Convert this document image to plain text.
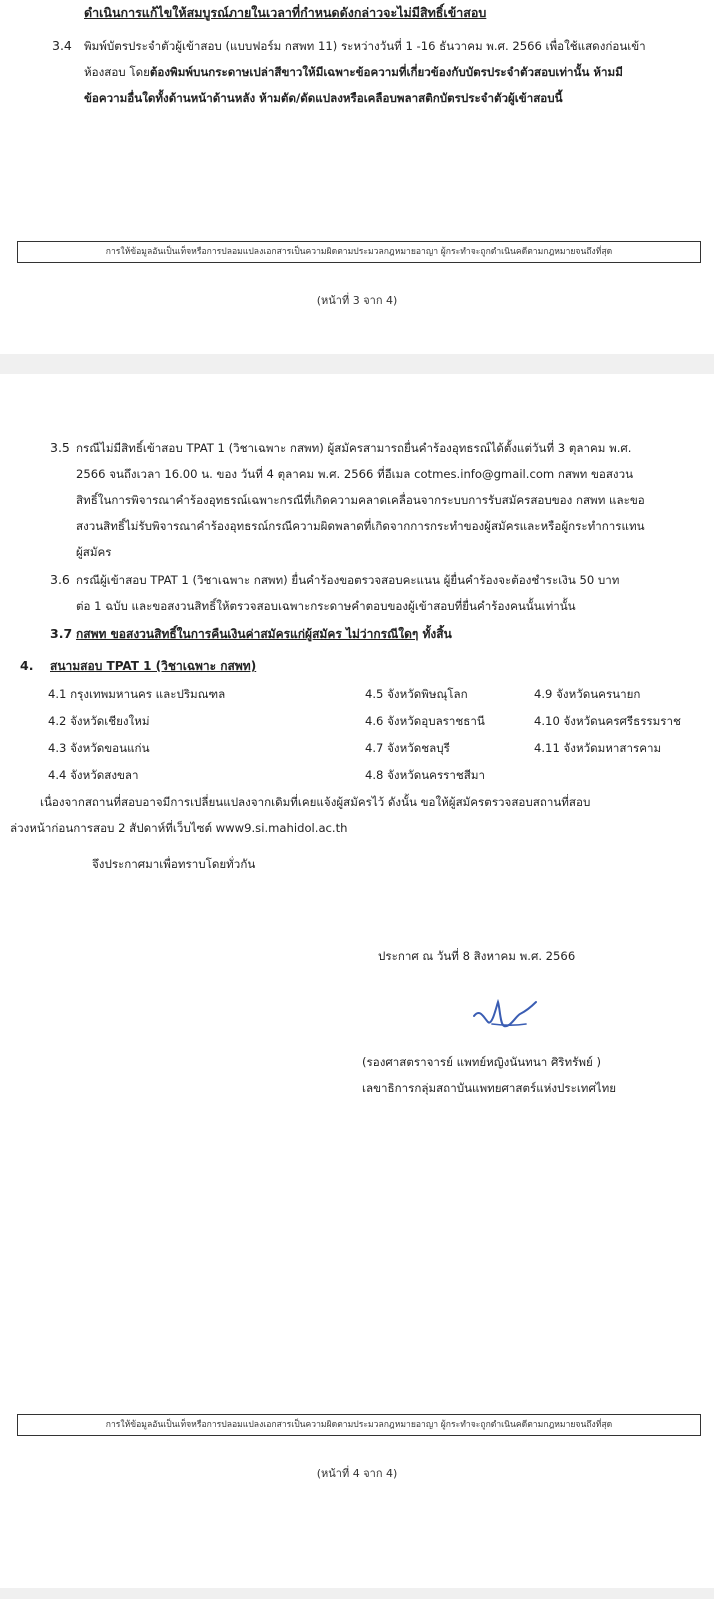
ดำเนินการแก้ไขให้สมบูรณ์ภายในเวลาที่กำหนดดังกล่าวจะไม่มีสิทธิ์เข้าสอบ
3.4 พิมพ์บัตรประจำตัวผู้เข้าสอบ (แบบฟอร์ม กสพท 11) ระหว่างวันที่ 1 -16 ธันวาคม พ.ศ. 2566 เพื่อใช้แสดงก่อนเข้า
ห้องสอบ โดยต้องพิมพ์บนกระดาษเปล่าสีขาวให้มีเฉพาะข้อความที่เกี่ยวข้องกับบัตรประจำตัวสอบเท่านั้น ห้ามมี
ข้อความอื่นใดทั้งด้านหน้าด้านหลัง ห้ามตัด/ดัดแปลงหรือเคลือบพลาสติกบัตรประจำตัวผู้เข้าสอบนี้
การให้ข้อมูลอันเป็นเท็จหรือการปลอมแปลงเอกสารเป็นความผิดตามประมวลกฎหมายอาญา ผู้กระทำจะถูกดำเนินคดีตามกฎหมายจนถึงที่สุด
(หน้าที่ 3 จาก 4)
3.5 กรณีไม่มีสิทธิ์เข้าสอบ TPAT 1 (วิชาเฉพาะ กสพท) ผู้สมัครสามารถยื่นคำร้องอุทธรณ์ได้ตั้งแต่วันที่ 3 ตุลาคม พ.ศ.
2566 จนถึงเวลา 16.00 น. ของ วันที่ 4 ตุลาคม พ.ศ. 2566 ที่อีเมล cotmes.info@gmail.com กสพท ขอสงวน
สิทธิ์ในการพิจารณาคำร้องอุทธรณ์เฉพาะกรณีที่เกิดความคลาดเคลื่อนจากระบบการรับสมัครสอบของ กสพท และขอ
สงวนสิทธิ์ไม่รับพิจารณาคำร้องอุทธรณ์กรณีความผิดพลาดที่เกิดจากการกระทำของผู้สมัครและหรือผู้กระทำการแทน
ผู้สมัคร
3.6 กรณีผู้เข้าสอบ TPAT 1 (วิชาเฉพาะ กสพท) ยื่นคำร้องขอตรวจสอบคะแนน ผู้ยื่นคำร้องจะต้องชำระเงิน 50 บาท
ต่อ 1 ฉบับ และขอสงวนสิทธิ์ให้ตรวจสอบเฉพาะกระดาษคำตอบของผู้เข้าสอบที่ยื่นคำร้องคนนั้นเท่านั้น
3.7 กสพท ขอสงวนสิทธิ์ในการคืนเงินค่าสมัครแก่ผู้สมัคร ไม่ว่ากรณีใดๆ ทั้งสิ้น
4. สนามสอบ TPAT 1 (วิชาเฉพาะ กสพท)
4.1 กรุงเทพมหานคร และปริมณฑล
4.2 จังหวัดเชียงใหม่
4.3 จังหวัดขอนแก่น
4.4 จังหวัดสงขลา
4.5 จังหวัดพิษณุโลก
4.6 จังหวัดอุบลราชธานี
4.7 จังหวัดชลบุรี
4.8 จังหวัดนครราชสีมา
4.9 จังหวัดนครนายก
4.10 จังหวัดนครศรีธรรมราช
4.11 จังหวัดมหาสารคาม
เนื่องจากสถานที่สอบอาจมีการเปลี่ยนแปลงจากเดิมที่เคยแจ้งผู้สมัครไว้ ดังนั้น ขอให้ผู้สมัครตรวจสอบสถานที่สอบ
ล่วงหน้าก่อนการสอบ 2 สัปดาห์ที่เว็บไซต์ www9.si.mahidol.ac.th
จึงประกาศมาเพื่อทราบโดยทั่วกัน
ประกาศ ณ วันที่ 8 สิงหาคม พ.ศ. 2566
(รองศาสตราจารย์ แพทย์หญิงนันทนา ศิริทรัพย์ )
เลขาธิการกลุ่มสถาบันแพทยศาสตร์แห่งประเทศไทย
การให้ข้อมูลอันเป็นเท็จหรือการปลอมแปลงเอกสารเป็นความผิดตามประมวลกฎหมายอาญา ผู้กระทำจะถูกดำเนินคดีตามกฎหมายจนถึงที่สุด
(หน้าที่ 4 จาก 4)
